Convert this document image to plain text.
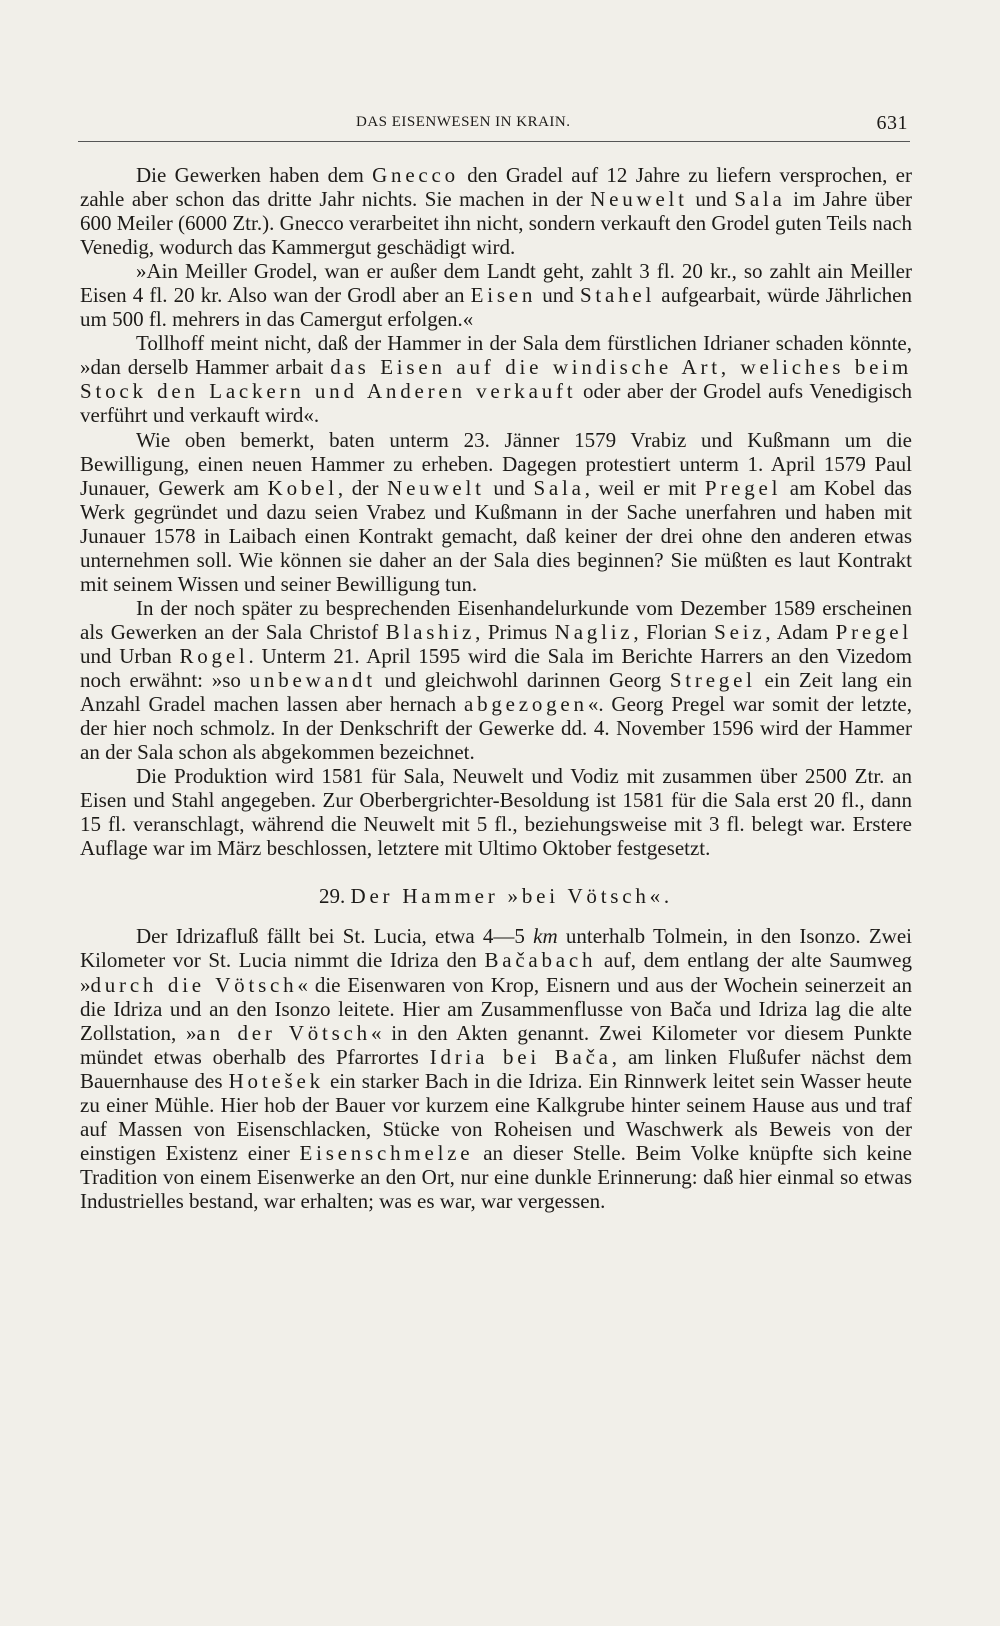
DAS EISENWESEN IN KRAIN.	631

Die Gewerken haben dem Gnecco den Gradel auf 12 Jahre zu liefern versprochen, er zahle aber schon das dritte Jahr nichts. Sie machen in der Neuwelt und Sala im Jahre über 600 Meiler (6000 Ztr.). Gnecco verarbeitet ihn nicht, sondern verkauft den Grodel guten Teils nach Venedig, wodurch das Kammergut geschädigt wird.

»Ain Meiller Grodel, wan er außer dem Landt geht, zahlt 3 fl. 20 kr., so zahlt ain Meiller Eisen 4 fl. 20 kr. Also wan der Grodl aber an Eisen und Stahel aufgearbait, würde Jährlichen um 500 fl. mehrers in das Camergut erfolgen.«

Tollhoff meint nicht, daß der Hammer in der Sala dem fürstlichen Idrianer schaden könnte, »dan derselb Hammer arbait das Eisen auf die windische Art, weliches beim Stock den Lackern und Anderen verkauft oder aber der Grodel aufs Venedigisch verführt und verkauft wird«.

Wie oben bemerkt, baten unterm 23. Jänner 1579 Vrabiz und Kußmann um die Bewilligung, einen neuen Hammer zu erheben. Dagegen protestiert unterm 1. April 1579 Paul Junauer, Gewerk am Kobel, der Neuwelt und Sala, weil er mit Pregel am Kobel das Werk gegründet und dazu seien Vrabez und Kußmann in der Sache unerfahren und haben mit Junauer 1578 in Laibach einen Kontrakt gemacht, daß keiner der drei ohne den anderen etwas unternehmen soll. Wie können sie daher an der Sala dies beginnen? Sie müßten es laut Kontrakt mit seinem Wissen und seiner Bewilligung tun.

In der noch später zu besprechenden Eisenhandelurkunde vom Dezember 1589 erscheinen als Gewerken an der Sala Christof Blashiz, Primus Nagliz, Florian Seiz, Adam Pregel und Urban Rogel. Unterm 21. April 1595 wird die Sala im Berichte Harrers an den Vizedom noch erwähnt: »so unbewandt und gleichwohl darinnen Georg Stregel ein Zeit lang ein Anzahl Gradel machen lassen aber hernach abgezogen«. Georg Pregel war somit der letzte, der hier noch schmolz. In der Denkschrift der Gewerke dd. 4. November 1596 wird der Hammer an der Sala schon als abgekommen bezeichnet.

Die Produktion wird 1581 für Sala, Neuwelt und Vodiz mit zusammen über 2500 Ztr. an Eisen und Stahl angegeben. Zur Oberbergrichter-Besoldung ist 1581 für die Sala erst 20 fl., dann 15 fl. veranschlagt, während die Neuwelt mit 5 fl., beziehungsweise mit 3 fl. belegt war. Erstere Auflage war im März beschlossen, letztere mit Ultimo Oktober festgesetzt.

29. Der Hammer »bei Vötsch«.

Der Idrizafluß fällt bei St. Lucia, etwa 4—5 km unterhalb Tolmein, in den Isonzo. Zwei Kilometer vor St. Lucia nimmt die Idriza den Bačabach auf, dem entlang der alte Saumweg »durch die Vötsch« die Eisenwaren von Krop, Eisnern und aus der Wochein seinerzeit an die Idriza und an den Isonzo leitete. Hier am Zusammenflusse von Bača und Idriza lag die alte Zollstation, »an der Vötsch« in den Akten genannt. Zwei Kilometer vor diesem Punkte mündet etwas oberhalb des Pfarrortes Idria bei Bača, am linken Flußufer nächst dem Bauernhause des Hotešek ein starker Bach in die Idriza. Ein Rinnwerk leitet sein Wasser heute zu einer Mühle. Hier hob der Bauer vor kurzem eine Kalkgrube hinter seinem Hause aus und traf auf Massen von Eisenschlacken, Stücke von Roheisen und Waschwerk als Beweis von der einstigen Existenz einer Eisenschmelze an dieser Stelle. Beim Volke knüpfte sich keine Tradition von einem Eisenwerke an den Ort, nur eine dunkle Erinnerung: daß hier einmal so etwas Industrielles bestand, war erhalten; was es war, war vergessen.
